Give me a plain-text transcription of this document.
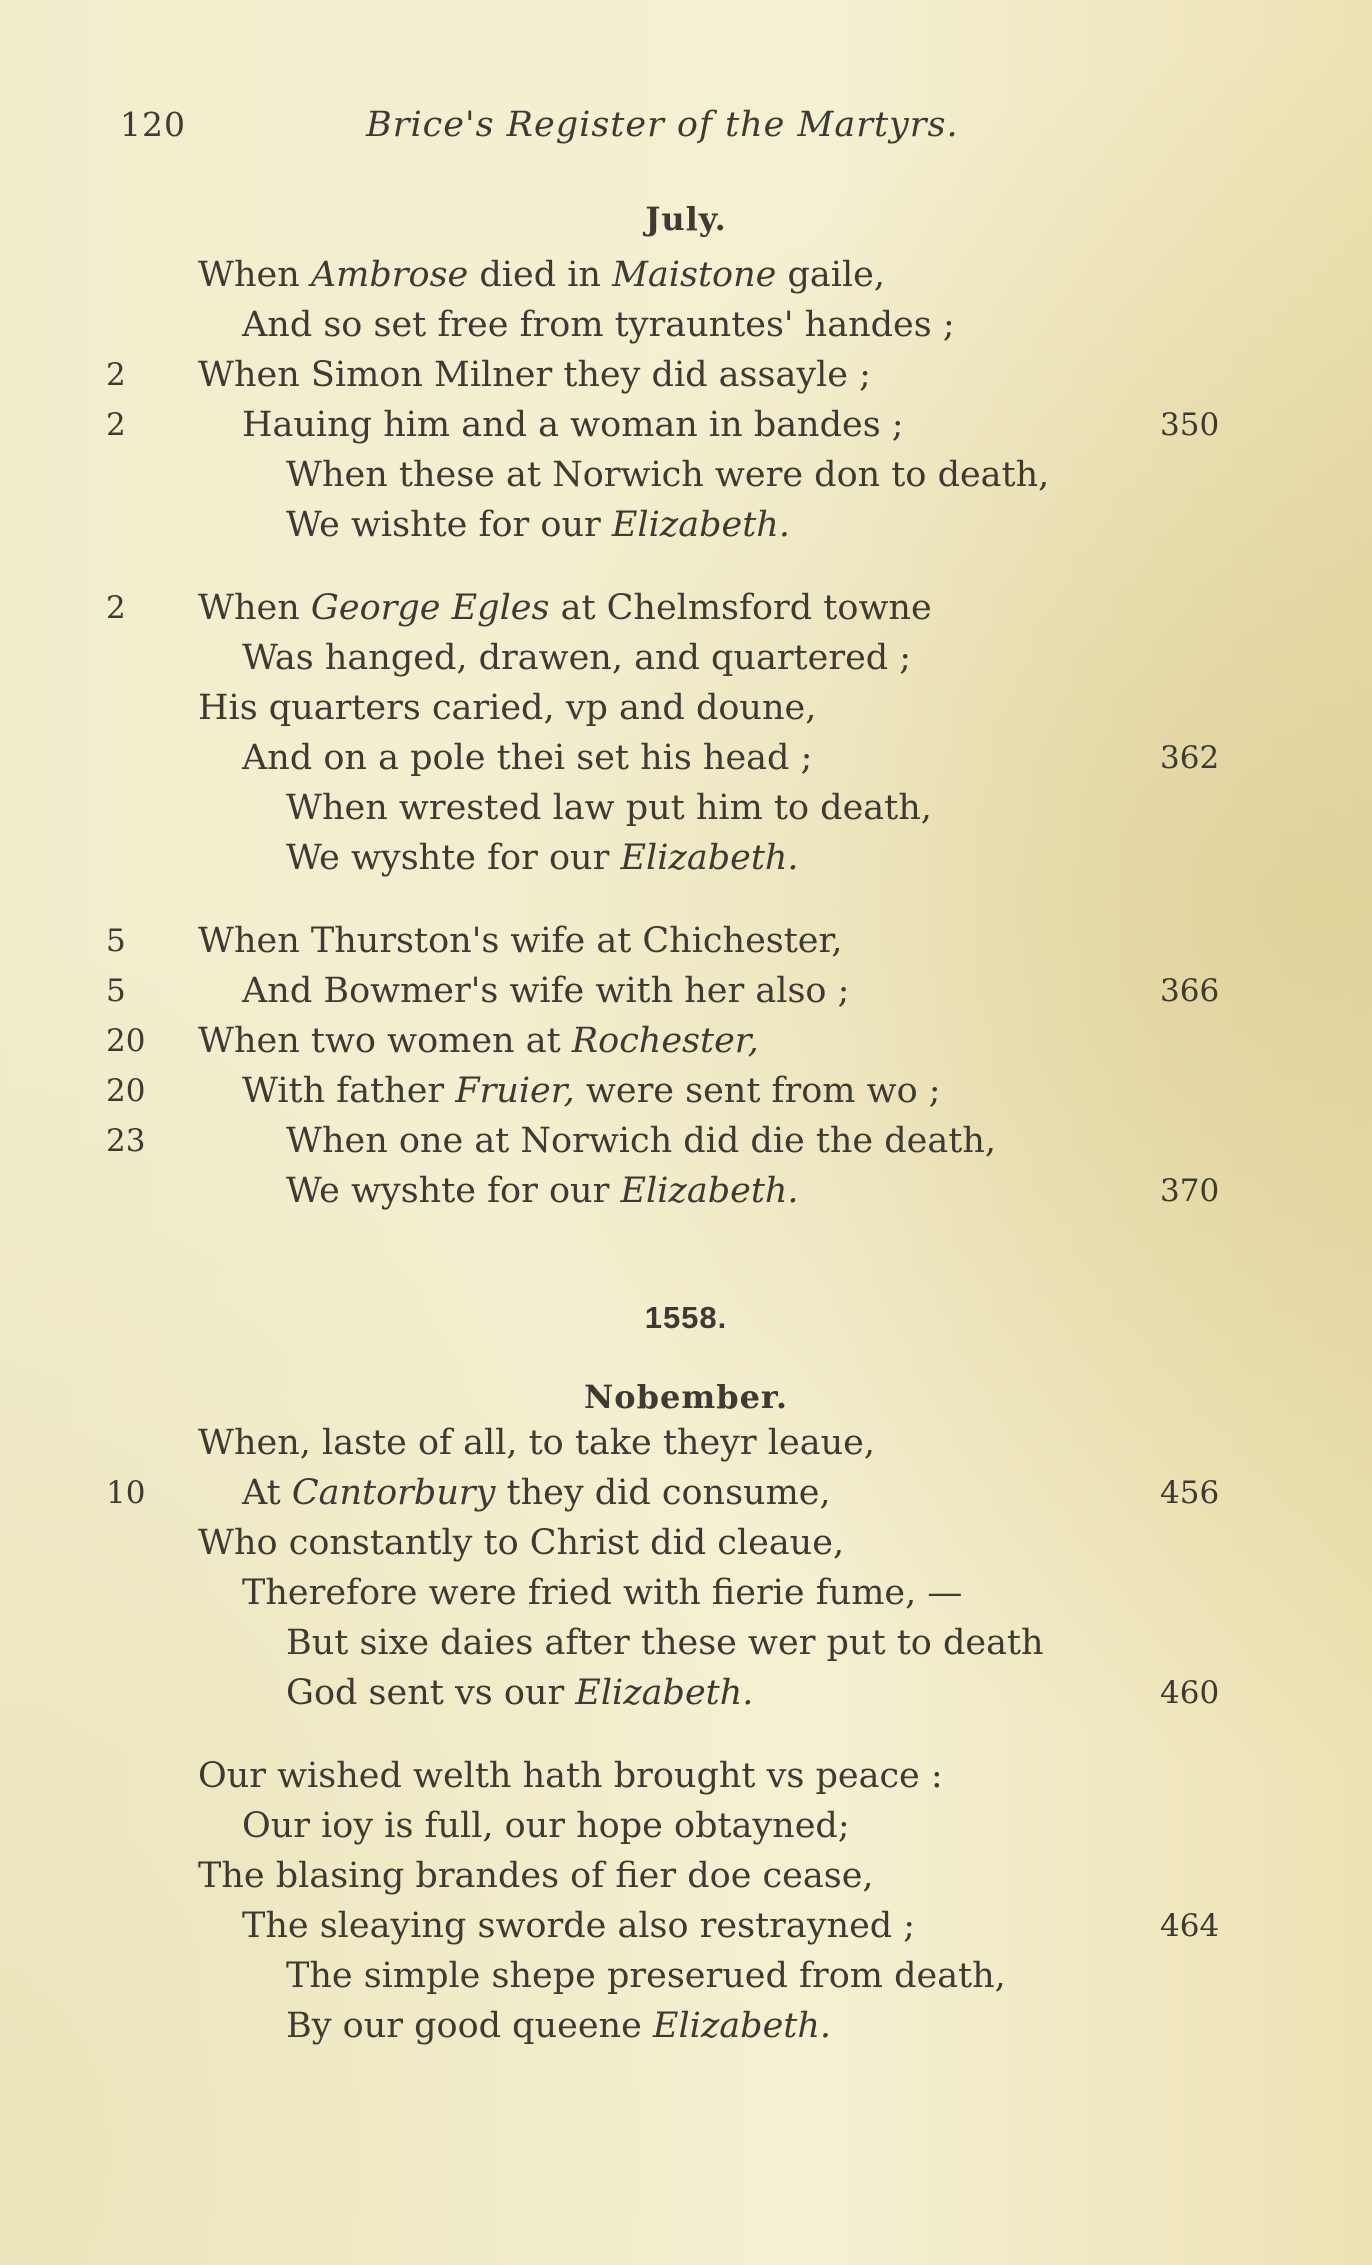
120	Brice's Register of the Martyrs.
July.
When Ambrose died in Maistone gaile,
And so set free from tyrauntes' handes ;
2	When Simon Milner they did assayle ;
2	Hauing him and a woman in bandes ;	350
When these at Norwich were don to death,
We wishte for our Elizabeth.
2	When George Egles at Chelmsford towne
Was hanged, drawen, and quartered ;
His quarters caried, vp and doune,
And on a pole thei set his head ;	362
When wrested law put him to death,
We wyshte for our Elizabeth.
5	When Thurston's wife at Chichester,
5	And Bowmer's wife with her also ;	366
20	When two women at Rochester,
20	With father Fruier, were sent from wo ;
23	When one at Norwich did die the death,
We wyshte for our Elizabeth.	370
When, laste of all, to take theyr leaue,
10	At Cantorbury they did consume,	456
Who constantly to Christ did cleaue,
Therefore were fried with fierie fume, —
But sixe daies after these wer put to death
God sent vs our Elizabeth.	460
Our wished welth hath brought vs peace :
Our ioy is full, our hope obtayned;
The blasing brandes of fier doe cease,
The sleaying sworde also restrayned ;	464
The simple shepe preserued from death,
By our good queene Elizabeth.
1558.
Nobember.
